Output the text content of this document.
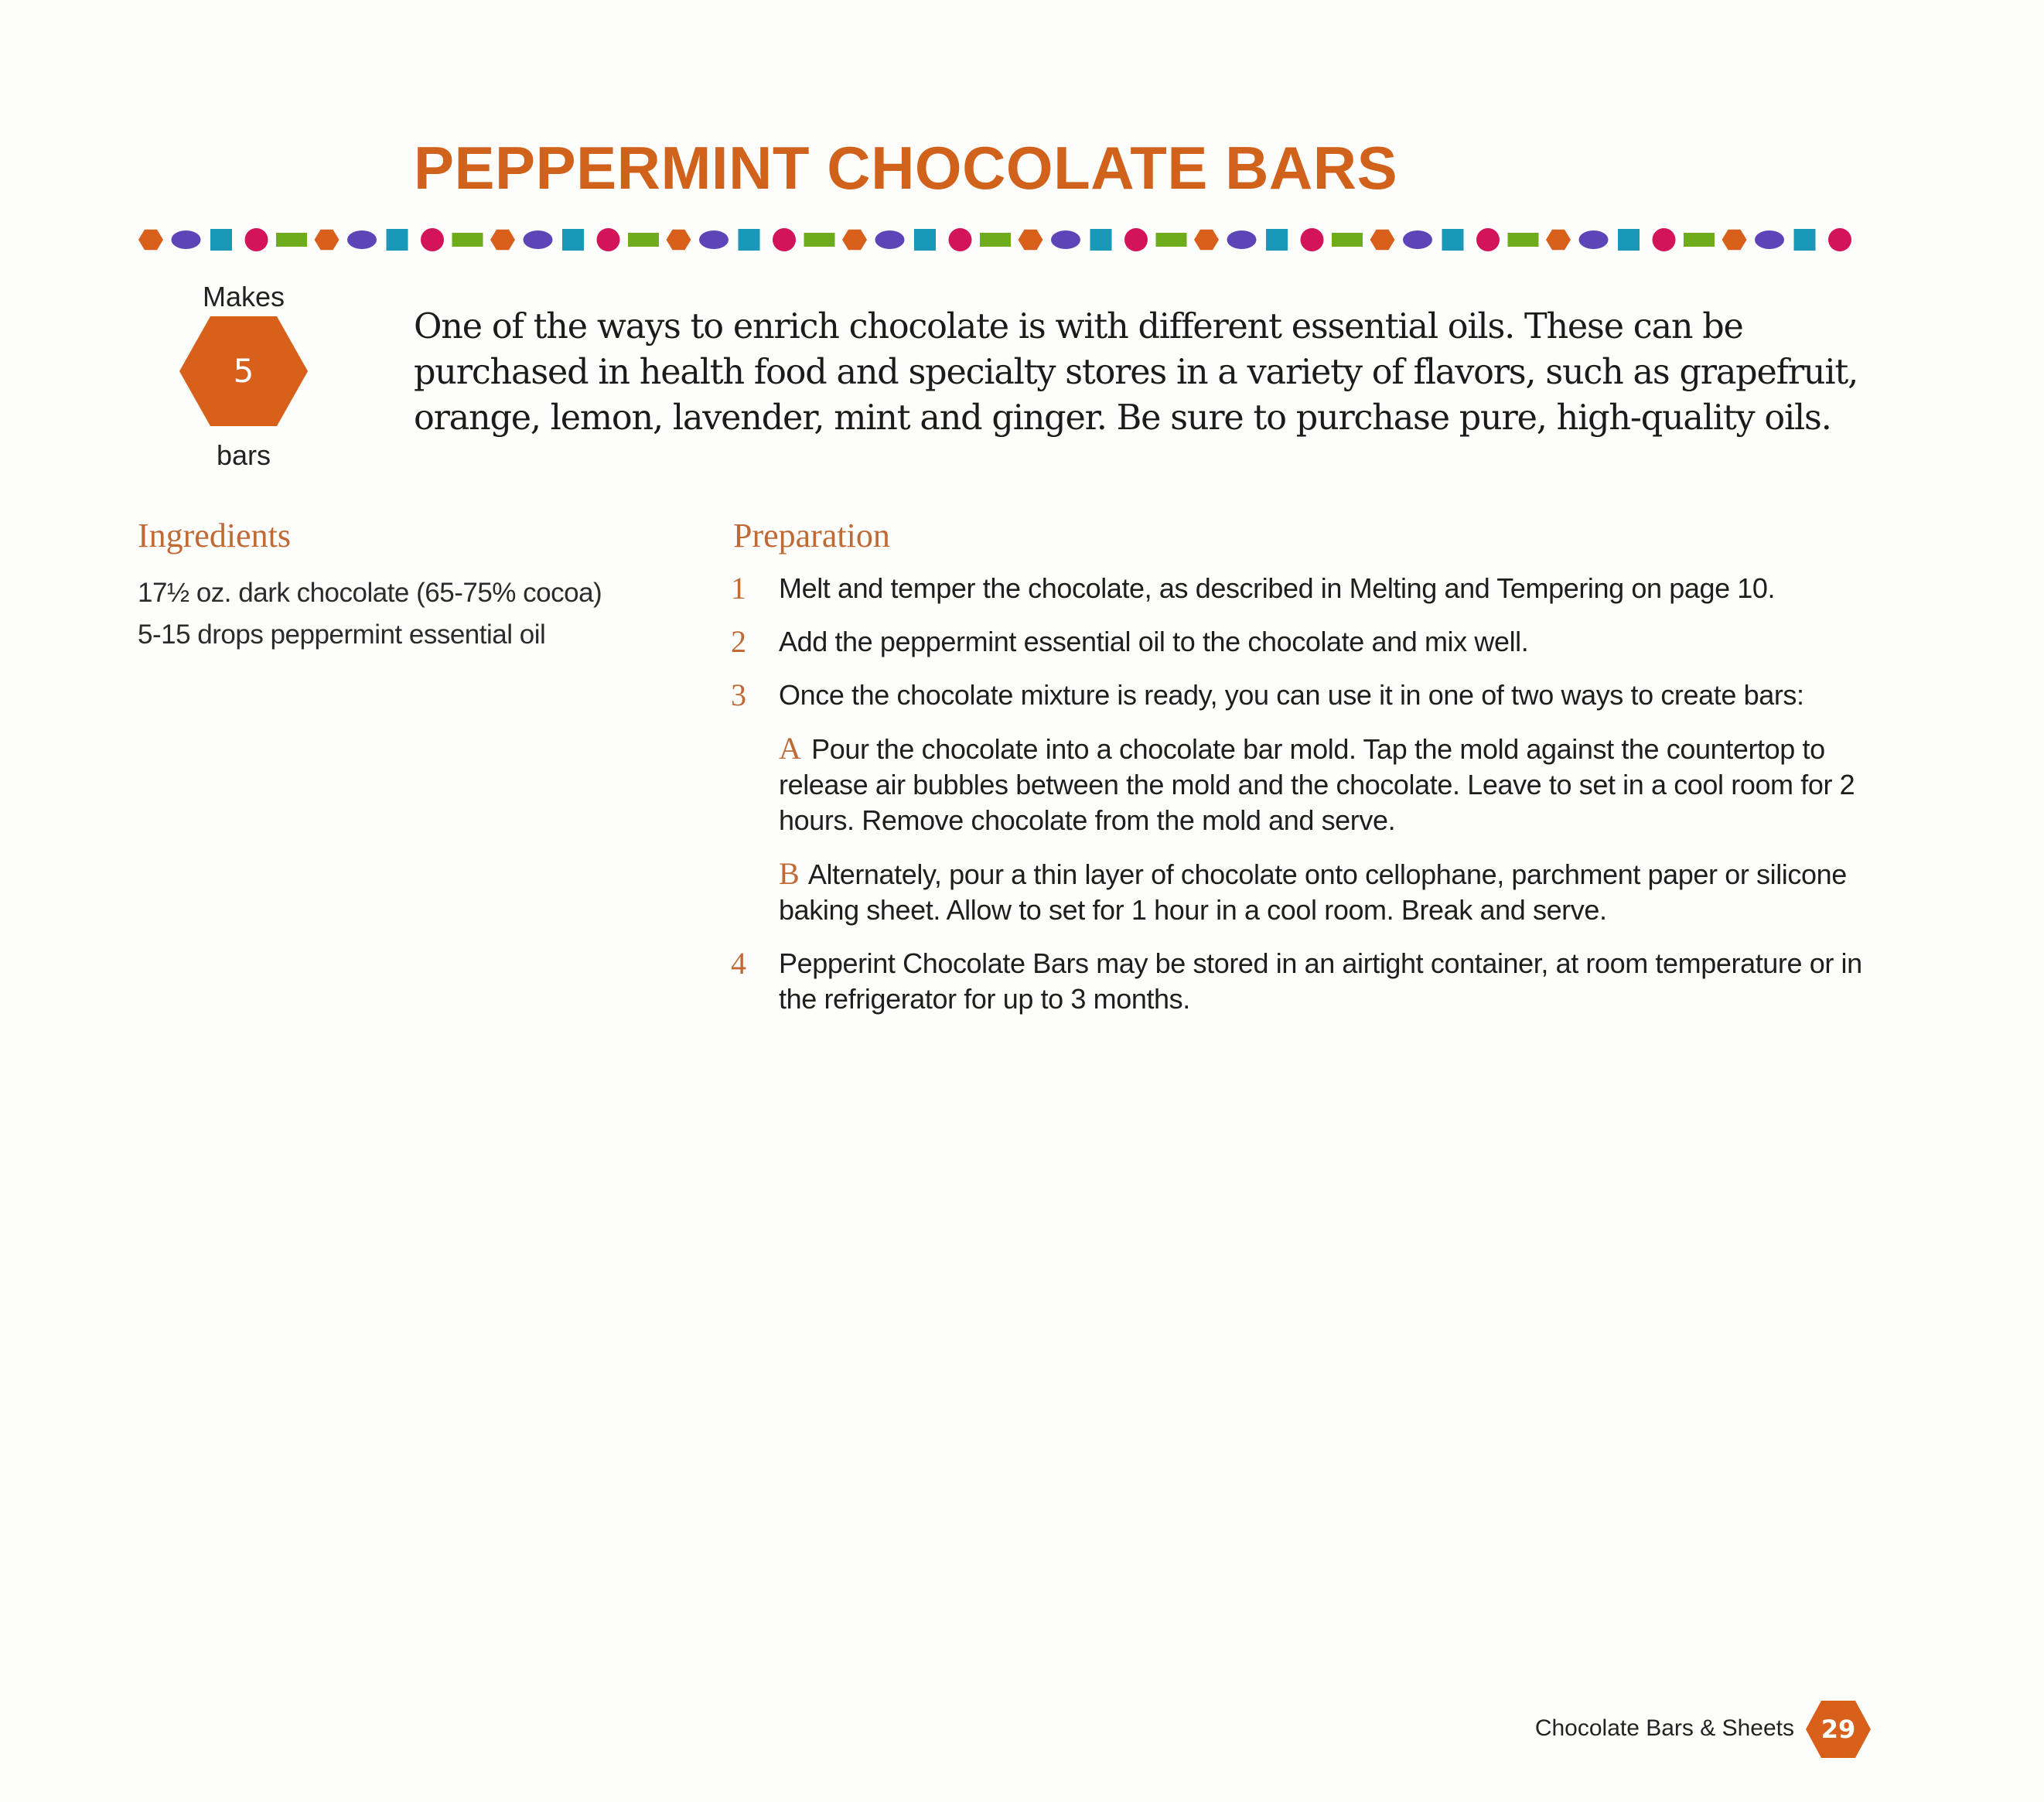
PEPPERMINT CHOCOLATE BARS
Makes
5
bars

One of the ways to enrich chocolate is with different essential oils. These can be purchased in health food and specialty stores in a variety of flavors, such as grapefruit, orange, lemon, lavender, mint and ginger. Be sure to purchase pure, high-quality oils.

Ingredients
17½ oz. dark chocolate (65-75% cocoa)
5-15 drops peppermint essential oil
Preparation
1 Melt and temper the chocolate, as described in Melting and Tempering on page 10.
2 Add the peppermint essential oil to the chocolate and mix well.
3 Once the chocolate mixture is ready, you can use it in one of two ways to create bars:
A Pour the chocolate into a chocolate bar mold. Tap the mold against the countertop to release air bubbles between the mold and the chocolate. Leave to set in a cool room for 2 hours. Remove chocolate from the mold and serve.
B Alternately, pour a thin layer of chocolate onto cellophane, parchment paper or silicone baking sheet. Allow to set for 1 hour in a cool room. Break and serve.
4 Pepperint Chocolate Bars may be stored in an airtight container, at room temperature or in the refrigerator for up to 3 months.
Chocolate Bars & Sheets	29
